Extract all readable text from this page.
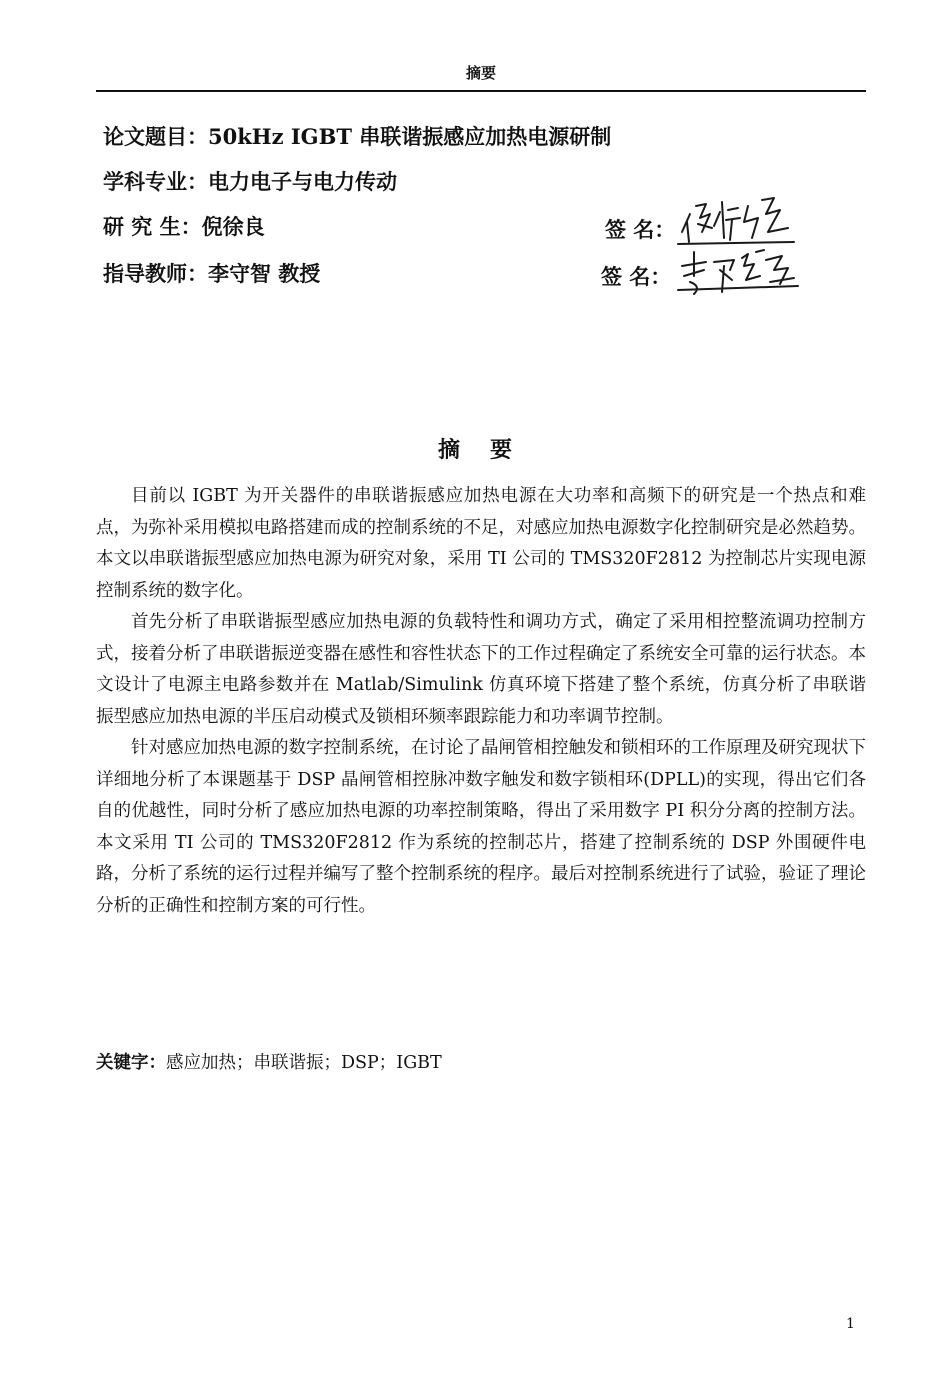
摘要
论文题目：50kHz IGBT 串联谐振感应加热电源研制
学科专业：电力电子与电力传动
研 究 生：倪徐良
指导教师：李守智 教授
签 名：
签 名：
摘要

目前以 IGBT 为开关器件的串联谐振感应加热电源在大功率和高频下的研究是一个热点和难点，为弥补采用模拟电路搭建而成的控制系统的不足，对感应加热电源数字化控制研究是必然趋势。本文以串联谐振型感应加热电源为研究对象，采用 TI 公司的 TMS320F2812 为控制芯片实现电源控制系统的数字化。

首先分析了串联谐振型感应加热电源的负载特性和调功方式，确定了采用相控整流调功控制方式，接着分析了串联谐振逆变器在感性和容性状态下的工作过程确定了系统安全可靠的运行状态。本文设计了电源主电路参数并在 Matlab/Simulink 仿真环境下搭建了整个系统，仿真分析了串联谐振型感应加热电源的半压启动模式及锁相环频率跟踪能力和功率调节控制。

针对感应加热电源的数字控制系统，在讨论了晶闸管相控触发和锁相环的工作原理及研究现状下详细地分析了本课题基于 DSP 晶闸管相控脉冲数字触发和数字锁相环(DPLL)的实现，得出它们各自的优越性，同时分析了感应加热电源的功率控制策略，得出了采用数字 PI 积分分离的控制方法。本文采用 TI 公司的 TMS320F2812 作为系统的控制芯片，搭建了控制系统的 DSP 外围硬件电路，分析了系统的运行过程并编写了整个控制系统的程序。最后对控制系统进行了试验，验证了理论分析的正确性和控制方案的可行性。

关键字：感应加热；串联谐振；DSP；IGBT
1
